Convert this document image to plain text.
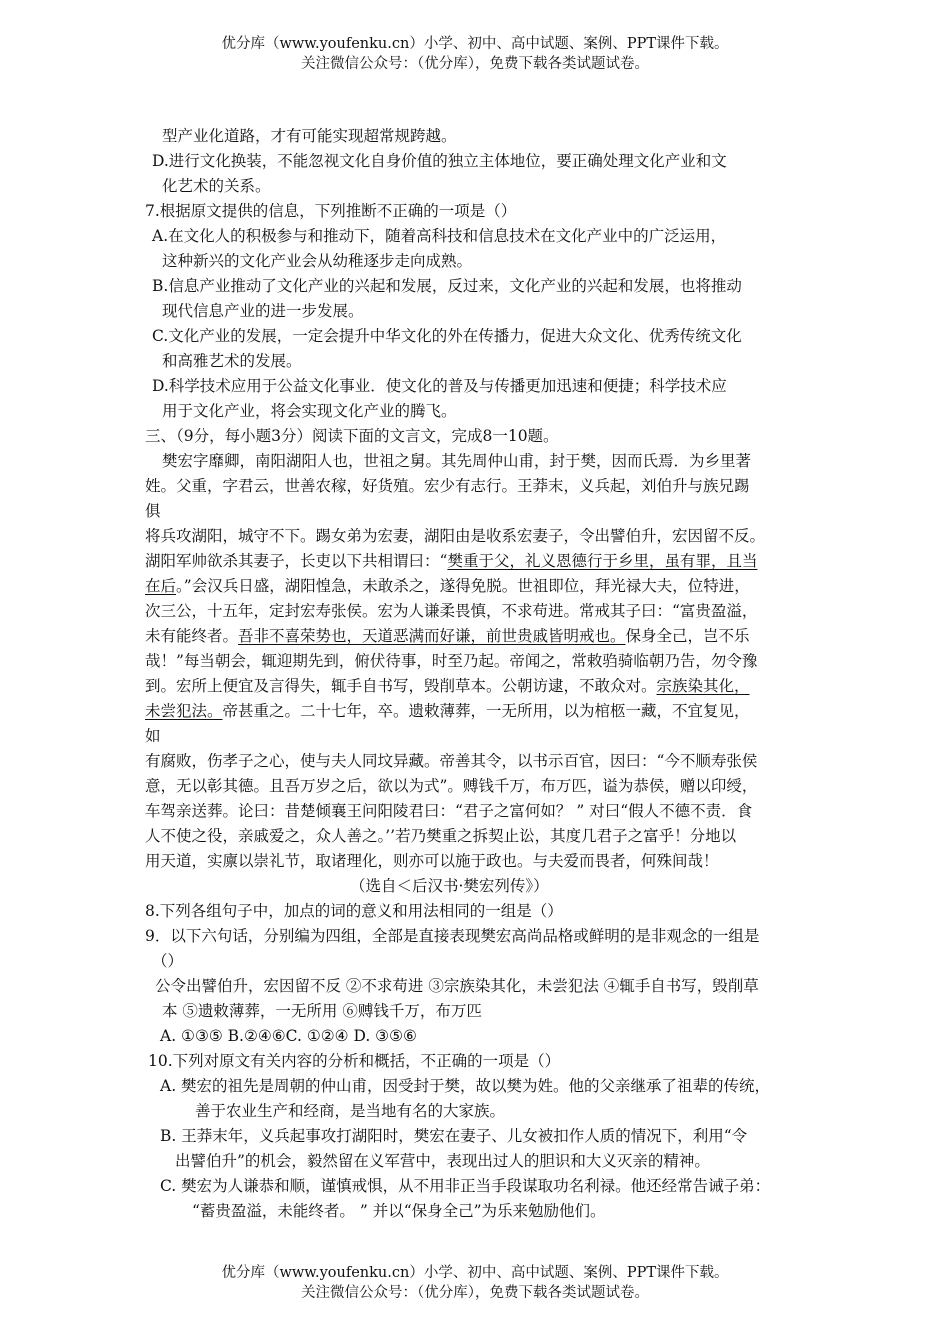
优分库（www.youfenku.cn）小学、初中、高中试题、案例、PPT课件下载。
关注微信公众号：（优分库），免费下载各类试题试卷。
型产业化道路，才有可能实现超常规跨越。
D.进行文化换装，不能忽视文化自身价值的独立主体地位，要正确处理文化产业和文
化艺术的关系。
7.根据原文提供的信息，下列推断不正确的一项是（）
A.在文化人的积极参与和推动下，随着高科技和信息技术在文化产业中的广泛运用，
这种新兴的文化产业会从幼稚逐步走向成熟。
B.信息产业推动了文化产业的兴起和发展，反过来，文化产业的兴起和发展，也将推动
现代信息产业的进一步发展。
C.文化产业的发展，一定会提升中华文化的外在传播力，促进大众文化、优秀传统文化
和高雅艺术的发展。
D.科学技术应用于公益文化事业．使文化的普及与传播更加迅速和便捷；科学技术应
用于文化产业，将会实现文化产业的腾飞。
三、（9分，每小题3分）阅读下面的文言文，完成8一10题。
樊宏字靡卿，南阳湖阳人也，世祖之舅。其先周仲山甫，封于樊，因而氏焉．为乡里著
姓。父重，字君云，世善农稼，好货殖。宏少有志行。王莽末，义兵起，刘伯升与族兄踢
俱
将兵攻湖阳，城守不下。踢女弟为宏妻，湖阳由是收系宏妻子，令出譬伯升，宏因留不反。
湖阳军帅欲杀其妻子，长吏以下共相谓曰：“樊重于父，礼义恩德行于乡里，虽有罪，且当
在后。”会汉兵日盛，湖阳惶急，未敢杀之，遂得免脱。世祖即位，拜光禄大夫，位特进，
次三公，十五年，定封宏寿张侯。宏为人谦柔畏慎，不求苟进。常戒其子曰：“富贵盈溢，
未有能终者。吾非不喜荣势也，天道恶满而好谦，前世贵戚皆明戒也。保身全己，岂不乐
哉！”每当朝会，辄迎期先到，俯伏待事，时至乃起。帝闻之，常敕驺骑临朝乃告，勿令豫
到。宏所上便宜及言得失，辄手自书写，毁削草本。公朝访逮，不敢众对。宗族染其化，
未尝犯法。帝甚重之。二十七年，卒。遗敕薄葬，一无所用，以为棺柩一藏，不宜复见，
如
有腐败，伤孝子之心，使与夫人同坟异藏。帝善其令，以书示百官，因曰：“今不顺寿张侯
意，无以彰其德。且吾万岁之后，欲以为式”。赙钱千万，布万匹，谥为恭侯，赠以印绶，
车驾亲送葬。论曰：昔楚倾襄王问阳陵君曰：“君子之富何如？ ” 对曰“假人不德不责．食
人不使之役，亲戚爱之，众人善之。’’若乃樊重之拆契止讼，其度几君子之富乎！分地以
用天道，实廪以崇礼节，取诸理化，则亦可以施于政也。与夫爱而畏者，何殊间哉！
（选自＜后汉书·樊宏列传》）
8.下列各组句子中，加点的词的意义和用法相同的一组是（）
9．以下六句话，分别编为四组，全部是直接表现樊宏高尚品格或鲜明的是非观念的一组是
（）
公令出譬伯升，宏因留不反 ②不求苟进 ③宗族染其化，未尝犯法 ④辄手自书写，毁削草
本 ⑤遗敕薄葬，一无所用 ⑥赙钱千万，布万匹
A. ①③⑤ B.②④⑥C. ①②④ D. ③⑤⑥
10.下列对原文有关内容的分析和概括，不正确的一项是（）
A. 樊宏的祖先是周朝的仲山甫，因受封于樊，故以樊为姓。他的父亲继承了祖辈的传统，
善于农业生产和经商，是当地有名的大家族。
B. 王莽末年，义兵起事攻打湖阳时，樊宏在妻子、儿女被扣作人质的情况下，利用“令
出譬伯升”的机会，毅然留在义军营中，表现出过人的胆识和大义灭亲的精神。
C. 樊宏为人谦恭和顺，谨慎戒惧，从不用非正当手段谋取功名利禄。他还经常告诫子弟：
“蓄贵盈溢，未能终者。 ” 并以“保身全己”为乐来勉励他们。
优分库（www.youfenku.cn）小学、初中、高中试题、案例、PPT课件下载。
关注微信公众号：（优分库），免费下载各类试题试卷。
